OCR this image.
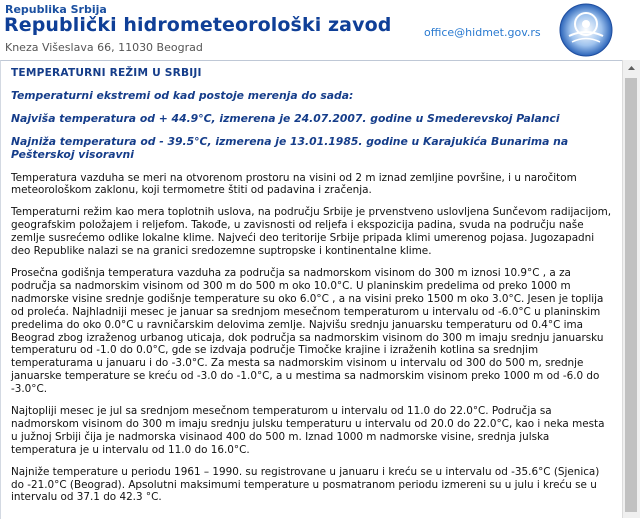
Republika Srbija
Republički hidrometeorološki zavod
Kneza Višeslava 66, 11030 Beograd
office@hidmet.gov.rs
TEMPERATURNI REŽIM U SRBIJI
Temperaturni ekstremi od kad postoje merenja do sada:
Najviša temperatura od + 44.9°C, izmerena je 24.07.2007. godine u Smederevskoj Palanci
Najniža temperatura od - 39.5°C, izmerena je 13.01.1985. godine u Karajukića Bunarima na Pešterskoj visoravni

Temperatura vazduha se meri na otvorenom prostoru na visini od 2 m iznad zemljine površine, i u naročitom meteorološkom zaklonu, koji termometre štiti od padavina i zračenja.

Temperaturni režim kao mera toplotnih uslova, na području Srbije je prvenstveno uslovljena Sunčevom radijacijom, geografskim položajem i reljefom. Takođe, u zavisnosti od reljefa i ekspozicija padina, svuda na području naše zemlje susrećemo odlike lokalne klime. Najveći deo teritorije Srbije pripada klimi umerenog pojasa. Jugozapadni deo Republike nalazi se na granici sredozemne suptropske i kontinentalne klime.

Prosečna godišnja temperatura vazduha za područja sa nadmorskom visinom do 300 m iznosi 10.9°C , a za područja sa nadmorskim visinom od 300 m do 500 m oko 10.0°C. U planinskim predelima od preko 1000 m nadmorske visine srednje godišnje temperature su oko 6.0°C , a na visini preko 1500 m oko 3.0°C. Jesen je toplija od proleća. Najhladniji mesec je januar sa srednjom mesečnom temperaturom u intervalu od -6.0°C u planinskim predelima do oko 0.0°C u ravničarskim delovima zemlje. Najvišu srednju januarsku temperaturu od 0.4°C ima Beograd zbog izraženog urbanog uticaja, dok područja sa nadmorskim visinom do 300 m imaju srednju januarsku temperaturu od -1.0 do 0.0°C, gde se izdvaja područje Timočke krajine i izraženih kotlina sa srednjim temperaturama u januaru i do -3.0°C. Za mesta sa nadmorskim visinom u intervalu od 300 do 500 m, srednje januarske temperature se kreću od -3.0 do -1.0°C, a u mestima sa nadmorskim visinom preko 1000 m od -6.0 do -3.0°C.

Najtopliji mesec je jul sa srednjom mesečnom temperaturom u intervalu od 11.0 do 22.0°C. Područja sa nadmorskom visinom do 300 m imaju srednju julsku temperaturu u intervalu od 20.0 do 22.0°C, kao i neka mesta u južnoj Srbiji čija je nadmorska visinaod 400 do 500 m. Iznad 1000 m nadmorske visine, srednja julska temperatura je u intervalu od 11.0 do 16.0°C.

Najniže temperature u periodu 1961 – 1990. su registrovane u januaru i kreću se u intervalu od -35.6°C (Sjenica) do -21.0°C (Beograd). Apsolutni maksimumi temperature u posmatranom periodu izmereni su u julu i kreću se u intervalu od 37.1 do 42.3 °C.
